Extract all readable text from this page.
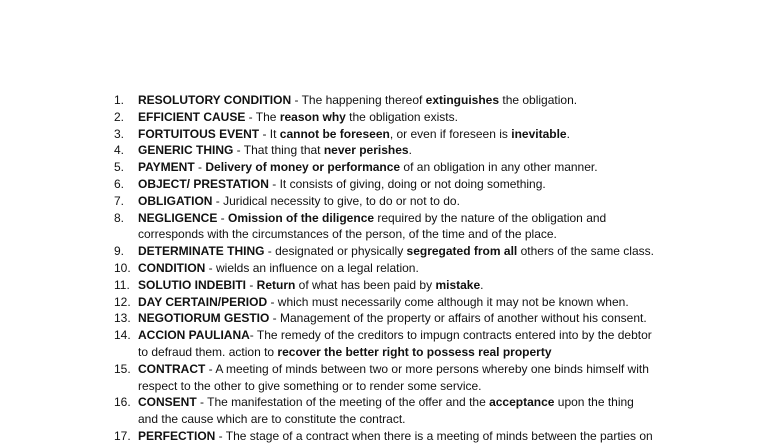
1. RESOLUTORY CONDITION - The happening thereof extinguishes the obligation.
2. EFFICIENT CAUSE - The reason why the obligation exists.
3. FORTUITOUS EVENT - It cannot be foreseen, or even if foreseen is inevitable.
4. GENERIC THING - That thing that never perishes.
5. PAYMENT - Delivery of money or performance of an obligation in any other manner.
6. OBJECT/ PRESTATION - It consists of giving, doing or not doing something.
7. OBLIGATION - Juridical necessity to give, to do or not to do.
8. NEGLIGENCE - Omission of the diligence required by the nature of the obligation and
corresponds with the circumstances of the person, of the time and of the place.
9. DETERMINATE THING - designated or physically segregated from all others of the same class.
10. CONDITION - wields an influence on a legal relation.
11. SOLUTIO INDEBITI - Return of what has been paid by mistake.
12. DAY CERTAIN/PERIOD - which must necessarily come although it may not be known when.
13. NEGOTIORUM GESTIO - Management of the property or affairs of another without his consent.
14. ACCION PAULIANA- The remedy of the creditors to impugn contracts entered into by the debtor
to defraud them. action to recover the better right to possess real property
15. CONTRACT - A meeting of minds between two or more persons whereby one binds himself with
respect to the other to give something or to render some service.
16. CONSENT - The manifestation of the meeting of the offer and the acceptance upon the thing
and the cause which are to constitute the contract.
17. PERFECTION - The stage of a contract when there is a meeting of minds between the parties on
